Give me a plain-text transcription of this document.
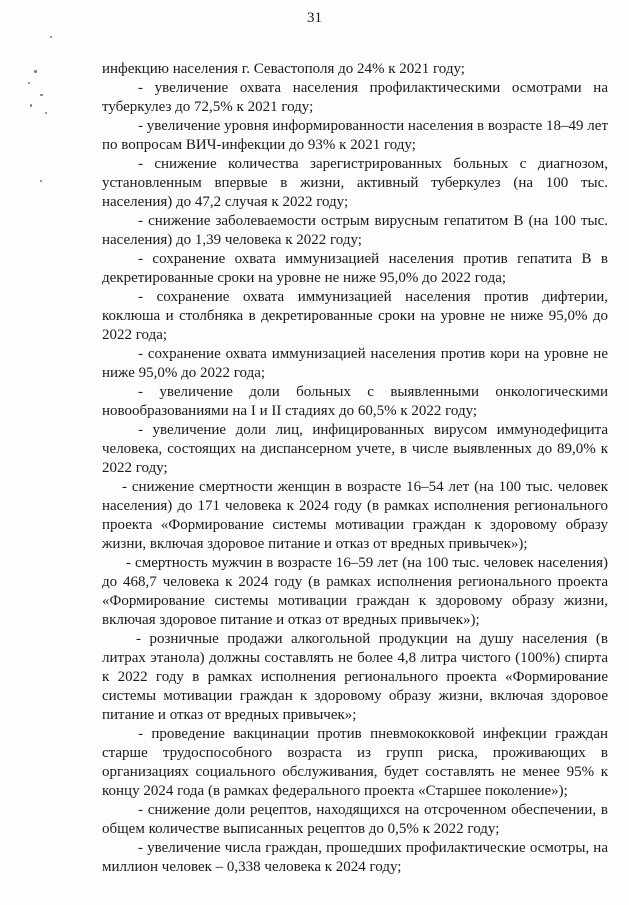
31

инфекцию населения г. Севастополя до 24% к 2021 году;

- увеличение охвата населения профилактическими осмотрами на туберкулез до 72,5% к 2021 году;

- увеличение уровня информированности населения в возрасте 18–49 лет по вопросам ВИЧ-инфекции до 93% к 2021 году;

- снижение количества зарегистрированных больных с диагнозом, установленным впервые в жизни, активный туберкулез (на 100 тыс. населения) до 47,2 случая к 2022 году;

- снижение заболеваемости острым вирусным гепатитом В (на 100 тыс. населения) до 1,39 человека к 2022 году;

- сохранение охвата иммунизацией населения против гепатита В в декретированные сроки на уровне не ниже 95,0% до 2022 года;

- сохранение охвата иммунизацией населения против дифтерии, коклюша и столбняка в декретированные сроки на уровне не ниже 95,0% до 2022 года;

- сохранение охвата иммунизацией населения против кори на уровне не ниже 95,0% до 2022 года;

- увеличение доли больных с выявленными онкологическими новообразованиями на I и II стадиях до 60,5% к 2022 году;

- увеличение доли лиц, инфицированных вирусом иммунодефицита человека, состоящих на диспансерном учете, в числе выявленных до 89,0% к 2022 году;

- снижение смертности женщин в возрасте 16–54 лет (на 100 тыс. человек населения) до 171 человека к 2024 году (в рамках исполнения регионального проекта «Формирование системы мотивации граждан к здоровому образу жизни, включая здоровое питание и отказ от вредных привычек»);

- смертность мужчин в возрасте 16–59 лет (на 100 тыс. человек населения) до 468,7 человека к 2024 году (в рамках исполнения регионального проекта «Формирование системы мотивации граждан к здоровому образу жизни, включая здоровое питание и отказ от вредных привычек»);

- розничные продажи алкогольной продукции на душу населения (в литрах этанола) должны составлять не более 4,8 литра чистого (100%) спирта к 2022 году в рамках исполнения регионального проекта «Формирование системы мотивации граждан к здоровому образу жизни, включая здоровое питание и отказ от вредных привычек»;

- проведение вакцинации против пневмококковой инфекции граждан старше трудоспособного возраста из групп риска, проживающих в организациях социального обслуживания, будет составлять не менее 95% к концу 2024 года (в рамках федерального проекта «Старшее поколение»);

- снижение доли рецептов, находящихся на отсроченном обеспечении, в общем количестве выписанных рецептов до 0,5% к 2022 году;

- увеличение числа граждан, прошедших профилактические осмотры, на миллион человек – 0,338 человека к 2024 году;
